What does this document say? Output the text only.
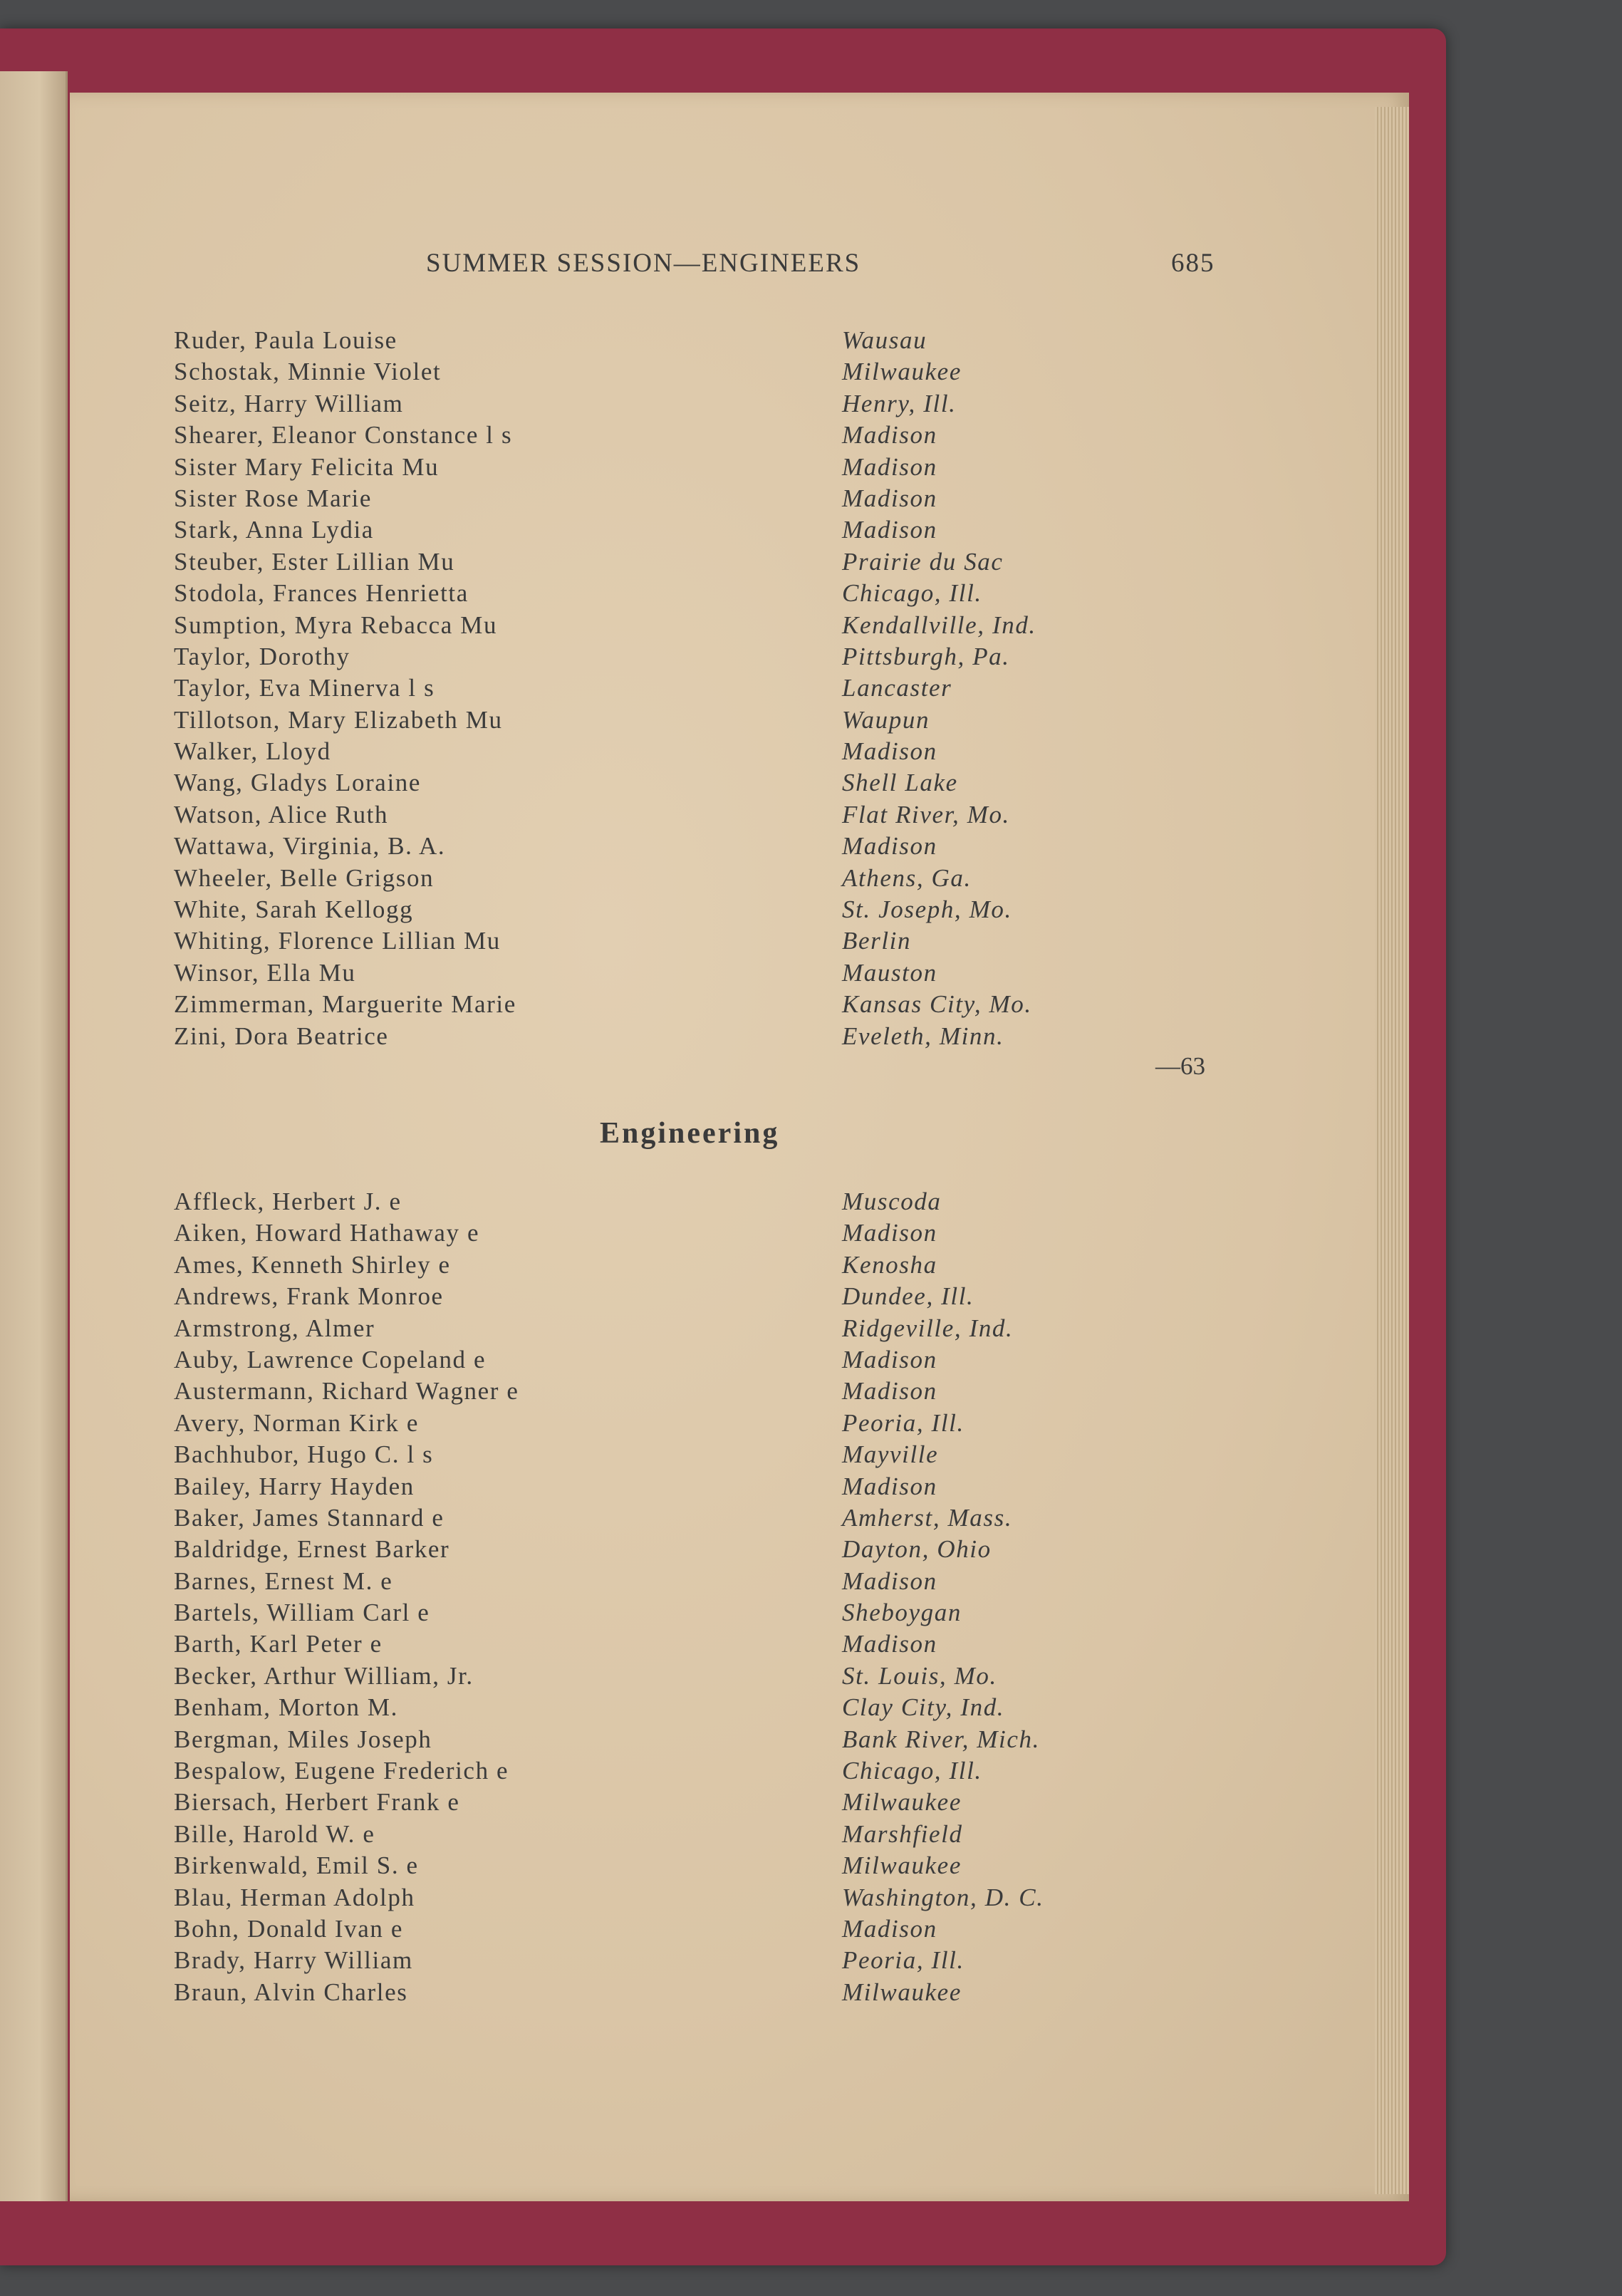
SUMMER SESSION—ENGINEERS	685
Ruder, Paula Louise
Schostak, Minnie Violet
Seitz, Harry William
Shearer, Eleanor Constance l s
Sister Mary Felicita Mu
Sister Rose Marie
Stark, Anna Lydia
Steuber, Ester Lillian Mu
Stodola, Frances Henrietta
Sumption, Myra Rebacca Mu
Taylor, Dorothy
Taylor, Eva Minerva l s
Tillotson, Mary Elizabeth Mu
Walker, Lloyd
Wang, Gladys Loraine
Watson, Alice Ruth
Wattawa, Virginia, B. A.
Wheeler, Belle Grigson
White, Sarah Kellogg
Whiting, Florence Lillian Mu
Winsor, Ella Mu
Zimmerman, Marguerite Marie
Zini, Dora Beatrice
Wausau
Milwaukee
Henry, Ill.
Madison
Madison
Madison
Madison
Prairie du Sac
Chicago, Ill.
Kendallville, Ind.
Pittsburgh, Pa.
Lancaster
Waupun
Madison
Shell Lake
Flat River, Mo.
Madison
Athens, Ga.
St. Joseph, Mo.
Berlin
Mauston
Kansas City, Mo.
Eveleth, Minn.
—63
Engineering
Affleck, Herbert J. e
Aiken, Howard Hathaway e
Ames, Kenneth Shirley e
Andrews, Frank Monroe
Armstrong, Almer
Auby, Lawrence Copeland e
Austermann, Richard Wagner e
Avery, Norman Kirk e
Bachhubor, Hugo C. l s
Bailey, Harry Hayden
Baker, James Stannard e
Baldridge, Ernest Barker
Barnes, Ernest M. e
Bartels, William Carl e
Barth, Karl Peter e
Becker, Arthur William, Jr.
Benham, Morton M.
Bergman, Miles Joseph
Bespalow, Eugene Frederich e
Biersach, Herbert Frank e
Bille, Harold W. e
Birkenwald, Emil S. e
Blau, Herman Adolph
Bohn, Donald Ivan e
Brady, Harry William
Braun, Alvin Charles
Muscoda
Madison
Kenosha
Dundee, Ill.
Ridgeville, Ind.
Madison
Madison
Peoria, Ill.
Mayville
Madison
Amherst, Mass.
Dayton, Ohio
Madison
Sheboygan
Madison
St. Louis, Mo.
Clay City, Ind.
Bank River, Mich.
Chicago, Ill.
Milwaukee
Marshfield
Milwaukee
Washington, D. C.
Madison
Peoria, Ill.
Milwaukee
